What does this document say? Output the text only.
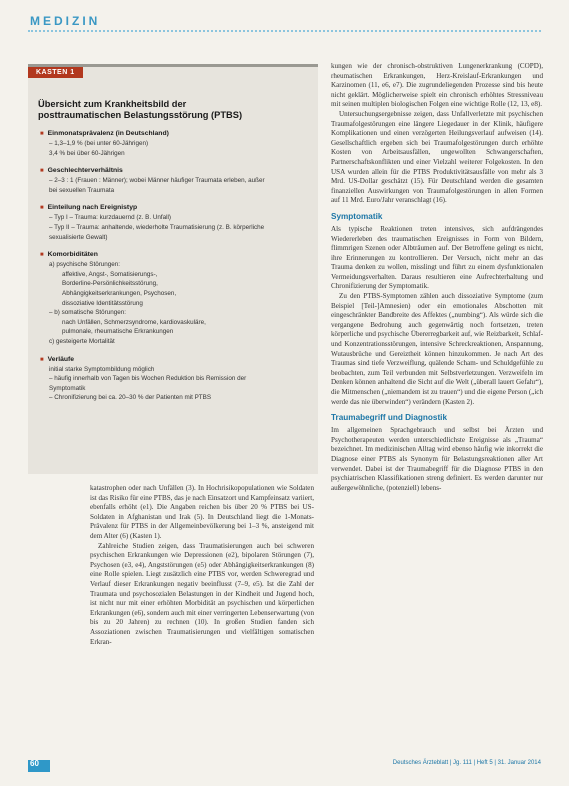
MEDIZIN
KASTEN 1
Übersicht zum Krankheitsbild der
posttraumatischen Belastungsstörung (PTBS)
■ Einmonatsprävalenz (in Deutschland)
– 1,3–1,9 % (bei unter 60-Jährigen)
3,4 % bei über 60-Jährigen
■ Geschlechterverhältnis
– 2–3 : 1 (Frauen : Männer); wobei Männer häufiger Traumata erleben, außer
bei sexuellen Traumata
■ Einteilung nach Ereignistyp
– Typ I – Trauma: kurzdauernd (z. B. Unfall)
– Typ II – Trauma: anhaltende, wiederholte Traumatisierung (z. B. körperliche
sexualisierte Gewalt)
■ Komorbiditäten
a) psychische Störungen:
affektive, Angst-, Somatisierungs-,
Borderline-Persönlichkeitsstörung,
Abhängigkeitserkrankungen, Psychosen,
dissoziative Identitätsstörung
– b) somatische Störungen:
nach Unfällen, Schmerzsyndrome, kardiovaskuläre,
pulmonale, rheumatische Erkrankungen
c) gesteigerte Mortalität
■ Verläufe
initial starke Symptombildung möglich
– häufig innerhalb von Tagen bis Wochen Reduktion bis Remission der
Symptomatik
– Chronifizierung bei ca. 20–30 % der Patienten mit PTBS

katastrophen oder nach Unfällen (3). In Hochrisikopopulationen wie Soldaten ist das Risiko für eine PTBS, das je nach Einsatzort und Kampfeinsatz variiert, ebenfalls erhöht (e1). Die Angaben reichen bis über 20 % PTBS bei US-Soldaten in Afghanistan und Irak (5). In Deutschland liegt die 1-Monats-Prävalenz für PTBS in der Allgemeinbevölkerung bei 1–3 %, ansteigend mit dem Alter (6) (Kasten 1).

Zahlreiche Studien zeigen, dass Traumatisierungen auch bei schweren psychischen Erkrankungen wie Depressionen (e2), bipolaren Störungen (7), Psychosen (e3, e4), Angststörungen (e5) oder Abhängigkeitserkrankungen (8) eine Rolle spielen. Liegt zusätzlich eine PTBS vor, werden Schweregrad und Verlauf dieser Erkrankungen negativ beeinflusst (7–9, e5). Ist die Zahl der Traumata und psychosozialen Belastungen in der Kindheit und Jugend hoch, ist nicht nur mit einer erhöhten Morbidität an psychischen und körperlichen Erkrankungen (e6), sondern auch mit einer verringerten Lebenserwartung (von bis zu 20 Jahren) zu rechnen (10). In großen Studien fanden sich Assoziationen zwischen Traumatisierungen und vielfältigen somatischen Erkran-

kungen wie der chronisch-obstruktiven Lungenerkrankung (COPD), rheumatischen Erkrankungen, Herz-Kreislauf-Erkrankungen und Karzinomen (11, e6, e7). Die zugrundeliegenden Prozesse sind bis heute nicht geklärt. Möglicherweise spielt ein chronisch erhöhtes Stressniveau mit seinen multiplen biologischen Folgen eine wichtige Rolle (12, 13, e8).

Untersuchungsergebnisse zeigen, dass Unfallverletzte mit psychischen Traumafolgestörungen eine längere Liegedauer in der Klinik, häufigere Komplikationen und einen verzögerten Heilungsverlauf aufweisen (14). Gesellschaftlich ergeben sich bei Traumafolgestörungen durch erhöhte Kosten von Arbeitsausfällen, ungewollten Schwangerschaften, Partnerschaftskonflikten und einer Vielzahl weiterer Folgekosten. In den USA wurden allein für die PTBS Produktivitätsausfälle von mehr als 3 Mrd. US-Dollar geschätzt (15). Für Deutschland werden die gesamten finanziellen Auswirkungen von Traumafolgestörungen in allen Formen auf 11 Mrd. Euro/Jahr veranschlagt (16).

Symptomatik

Als typische Reaktionen treten intensives, sich aufdrängendes Wiedererleben des traumatischen Ereignisses in Form von Bildern, flimmrigen Szenen oder Albträumen auf. Der Betroffene gelingt es nicht, ihre Erinnerungen zu kontrollieren. Der Versuch, nicht mehr an das Trauma denken zu wollen, misslingt und führt zu einem dysfunktionalen Vermeidungsverhalten. Daraus resultieren eine Aufrechterhaltung und Chronifizierung der Symptomatik.

Zu den PTBS-Symptomen zählen auch dissoziative Symptome (zum Beispiel [Teil-]Amnesien) oder ein emotionales Abschotten mit eingeschränkter Bandbreite des Affektes („numbing“). Als würde sich die vergangene Bedrohung auch gegenwärtig noch fortsetzen, treten körperliche und psychische Übererregbarkeit auf, wie Reizbarkeit, Schlaf- und Konzentrationsstörungen, intensive Schreckreaktionen, Anspannung, Wutausbrüche und Gereiztheit können hinzukommen. Je nach Art des Traumas sind tiefe Verzweiflung, quälende Scham- und Schuldgefühle zu beobachten, zum Teil verbunden mit Selbstverletzungen. Verzweifeln im Denken können anhaltend die Sicht auf die Welt („überall lauert Gefahr“), die Mitmenschen („niemandem ist zu trauen“) und die eigene Person („ich werde das nie überwinden“) verändern (Kasten 2).

Traumabegriff und Diagnostik

Im allgemeinen Sprachgebrauch und selbst bei Ärzten und Psychotherapeuten werden unterschiedlichste Ereignisse als „Trauma“ bezeichnet. Im medizinischen Alltag wird ebenso häufig wie inkorrekt die Diagnose einer PTBS als Synonym für Belastungsreaktionen aller Art verwendet. Dabei ist der Traumabegriff für die Diagnose PTBS in den psychiatrischen Klassifikationen streng definiert. Es werden darunter nur außergewöhnliche, (potenziell) lebens-

60	Deutsches Ärzteblatt | Jg. 111 | Heft 5 | 31. Januar 2014
